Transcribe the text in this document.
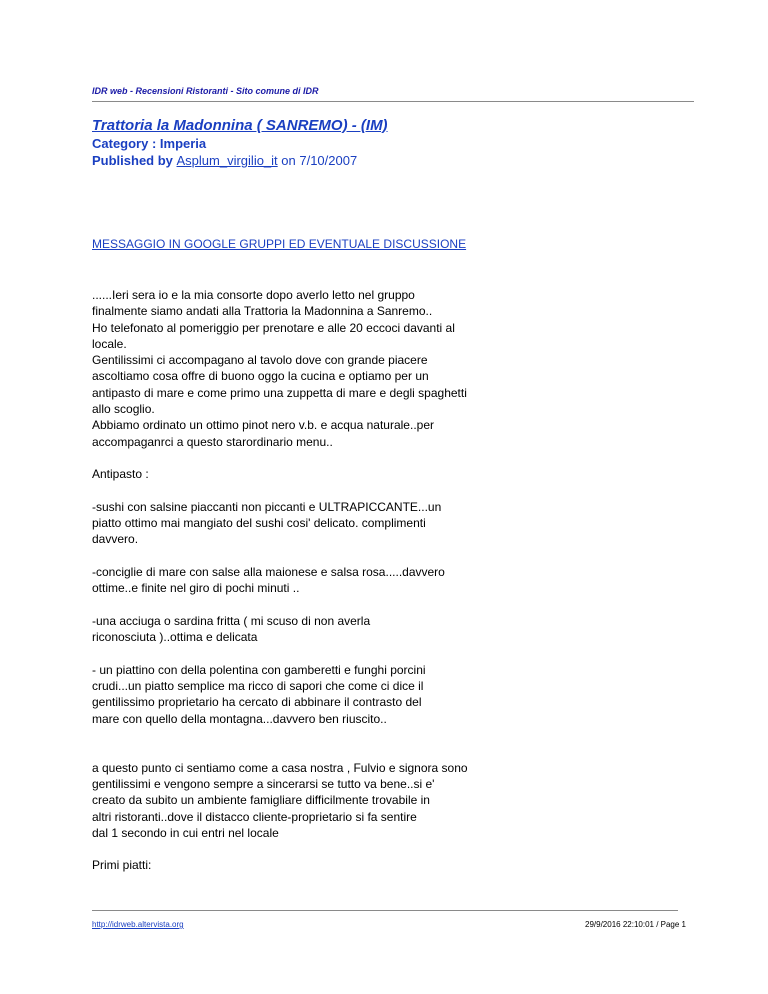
IDR web - Recensioni Ristoranti - Sito comune di IDR
Trattoria la Madonnina ( SANREMO) - (IM)
Category : Imperia
Published by Asplum_virgilio_it on 7/10/2007
MESSAGGIO IN GOOGLE GRUPPI ED EVENTUALE DISCUSSIONE

......Ieri sera io e la mia consorte dopo averlo letto nel gruppo
finalmente siamo andati alla Trattoria la Madonnina a Sanremo..
Ho telefonato al pomeriggio per prenotare e alle 20 eccoci davanti al
locale.
Gentilissimi ci accompagano al tavolo dove con grande piacere
ascoltiamo cosa offre di buono oggo la cucina e optiamo per un
antipasto di mare e come primo una zuppetta di mare e degli spaghetti
allo scoglio.
Abbiamo ordinato un ottimo pinot nero v.b. e acqua naturale..per
accompaganrci a questo starordinario menu..

Antipasto :

-sushi con salsine piaccanti non piccanti e ULTRAPICCANTE...un
piatto ottimo mai mangiato del sushi cosi' delicato. complimenti
davvero.

-conciglie di mare con salse alla maionese e salsa rosa.....davvero
ottime..e finite nel giro di pochi minuti ..

-una acciuga o sardina fritta ( mi scuso di non averla
riconosciuta )..ottima e delicata

- un piattino con della polentina con gamberetti e funghi porcini
crudi...un piatto semplice ma ricco di sapori che come ci dice il
gentilissimo proprietario ha cercato di abbinare il contrasto del
mare con quello della montagna...davvero ben riuscito..

a questo punto ci sentiamo come a casa nostra , Fulvio e signora sono
gentilissimi e vengono sempre a sincerarsi se tutto va bene..si e'
creato da subito un ambiente famigliare difficilmente trovabile in
altri ristoranti..dove il distacco cliente-proprietario si fa sentire
dal 1 secondo in cui entri nel locale

Primi piatti:

http://idrweb.altervista.org	29/9/2016 22:10:01 / Page 1
